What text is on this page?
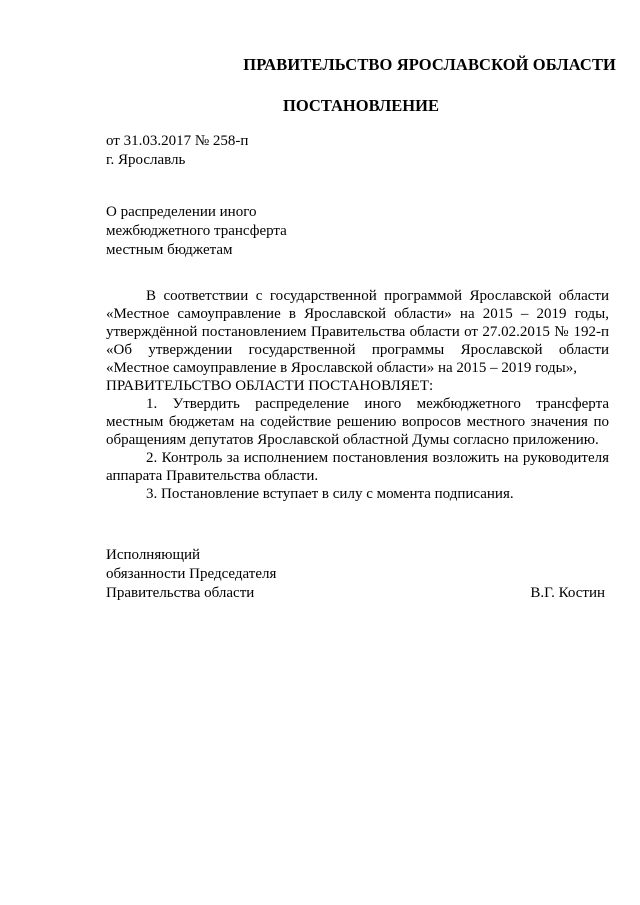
ПРАВИТЕЛЬСТВО ЯРОСЛАВСКОЙ ОБЛАСТИ
ПОСТАНОВЛЕНИЕ
от 31.03.2017 № 258-п
г. Ярославль
О распределении иного
межбюджетного трансферта
местным бюджетам

В соответствии с государственной программой Ярославской области «Местное самоуправление в Ярославской области» на 2015 – 2019 годы, утверждённой постановлением Правительства области от 27.02.2015 № 192-п «Об утверждении государственной программы Ярославской области «Местное самоуправление в Ярославской области» на 2015 – 2019 годы»,

ПРАВИТЕЛЬСТВО ОБЛАСТИ ПОСТАНОВЛЯЕТ:

1. Утвердить распределение иного межбюджетного трансферта местным бюджетам на содействие решению вопросов местного значения по обращениям депутатов Ярославской областной Думы согласно приложению.

2. Контроль за исполнением постановления возложить на руководителя аппарата Правительства области.

3. Постановление вступает в силу с момента подписания.

Исполняющий
обязанности Председателя
Правительства области	В.Г. Костин
